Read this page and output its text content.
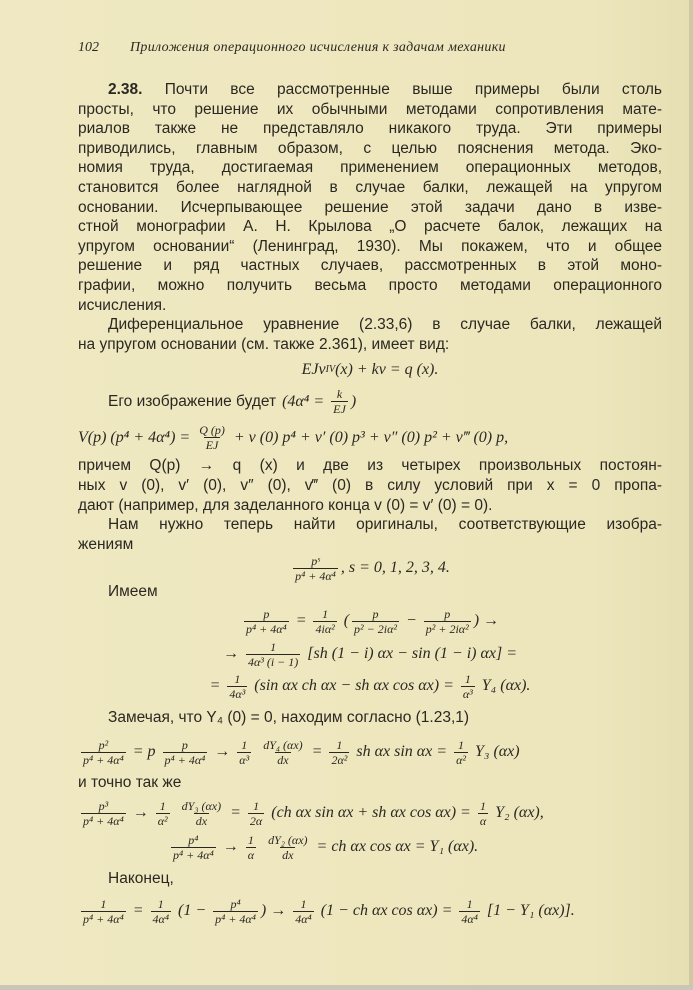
102 Приложения операционного исчисления к задачам механики
2.38. Почти все рассмотренные выше примеры были столь
просты, что решение их обычными методами сопротивления мате-
риалов также не представляло никакого труда. Эти примеры
приводились, главным образом, с целью пояснения метода. Эко-
номия труда, достигаемая применением операционных методов,
становится более наглядной в случае балки, лежащей на упругом
основании. Исчерпывающее решение этой задачи дано в изве-
стной монографии А. Н. Крылова „О расчете балок, лежащих на
упругом основании“ (Ленинград, 1930). Мы покажем, что и общее
решение и ряд частных случаев, рассмотренных в этой моно-
графии, можно получить весьма просто методами операционного
исчисления.
Диференциальное уравнение (2.33,6) в случае балки, лежащей
на упругом основании (см. также 2.361), имеет вид:
EJv IV (x) + kv = q (x).
Его изображение будет ($4\alpha^4 = \frac{k}{EJ}$ )
V(p) $(p^4 + 4\alpha^4) = \frac{Q (p)}{EJ} + v$ (0) p⁴ + v′ (0) p³ + v″ (0) p² + v‴ (0) p,
причем Q(p) → q (x) и две из четырех произвольных постоян-
ных v (0), v′ (0), v″ (0), v‴ (0) в силу условий при x = 0 пропа-
дают (например, для заделанного конца v (0) = v′ (0) = 0).
Нам нужно теперь найти оригиналы, соответствующие изобра-
жениям
$\frac{\text{pˢ}}{\text{p⁴ + 4α⁴}}$ , s = 0, 1, 2, 3, 4.
Имеем
$\frac{p}{\text{p⁴ + 4α⁴}} = \frac{1}{\text{4iα²}}$ ( $\frac{p}{\text{p² − 2iα²}} - \frac{p}{\text{p² + 2iα²}}$ ) →
→ $\frac{1}{\text{4α³ (i − 1)}} [sh$ (1 − i) αx − sin (1 − i) αx] =
= $\frac{1}{\text{4α³}} (\sin$ αx ch αx − sh αx $\cos \alpha x) = \frac{1}{\text{α³}} Y_4$ (αx).
Замечая, что Y₄ (0) = 0, находим согласно (1.23,1)
$\frac{\text{p²}}{\text{p⁴ + 4α⁴}} = p \frac{p}{\text{p⁴ + 4α⁴}} \to \frac{1}{\text{α³}}$
$\frac{\text{dY₄ (αx)}}{dx} = \frac{1}{\text{2α²}}$ sh αx $\sin \alpha x = \frac{1}{\text{α²}} Y_3$ (αx)
и точно так же
$\frac{\text{p³}}{\text{p⁴ + 4α⁴}} \to \frac{1}{\text{α²}}$
$\frac{\text{dY₃ (αx)}}{dx} = \frac{1}{2\alpha} (ch$ αx sin αx + sh αx $\cos \alpha x) = \frac{1}{\alpha} Y_2$ (αx),
$\frac{\text{p⁴}}{\text{p⁴ + 4α⁴}} \to \frac{1}{\alpha}$
$\frac{\text{dY₂ (αx)}}{dx}$ = ch αx cos αx = Y₁ (αx).
Наконец,
$\frac{1}{\text{p⁴ + 4α⁴}} = \frac{1}{\text{4α⁴}} (1 - \frac{\text{p⁴}}{\text{p⁴ + 4α⁴}}$ ) → $\frac{1}{\text{4α⁴}} (1$ − ch αx $\cos \alpha x) = \frac{1}{\text{4α⁴}} [1 - Y_1$ (αx)].
